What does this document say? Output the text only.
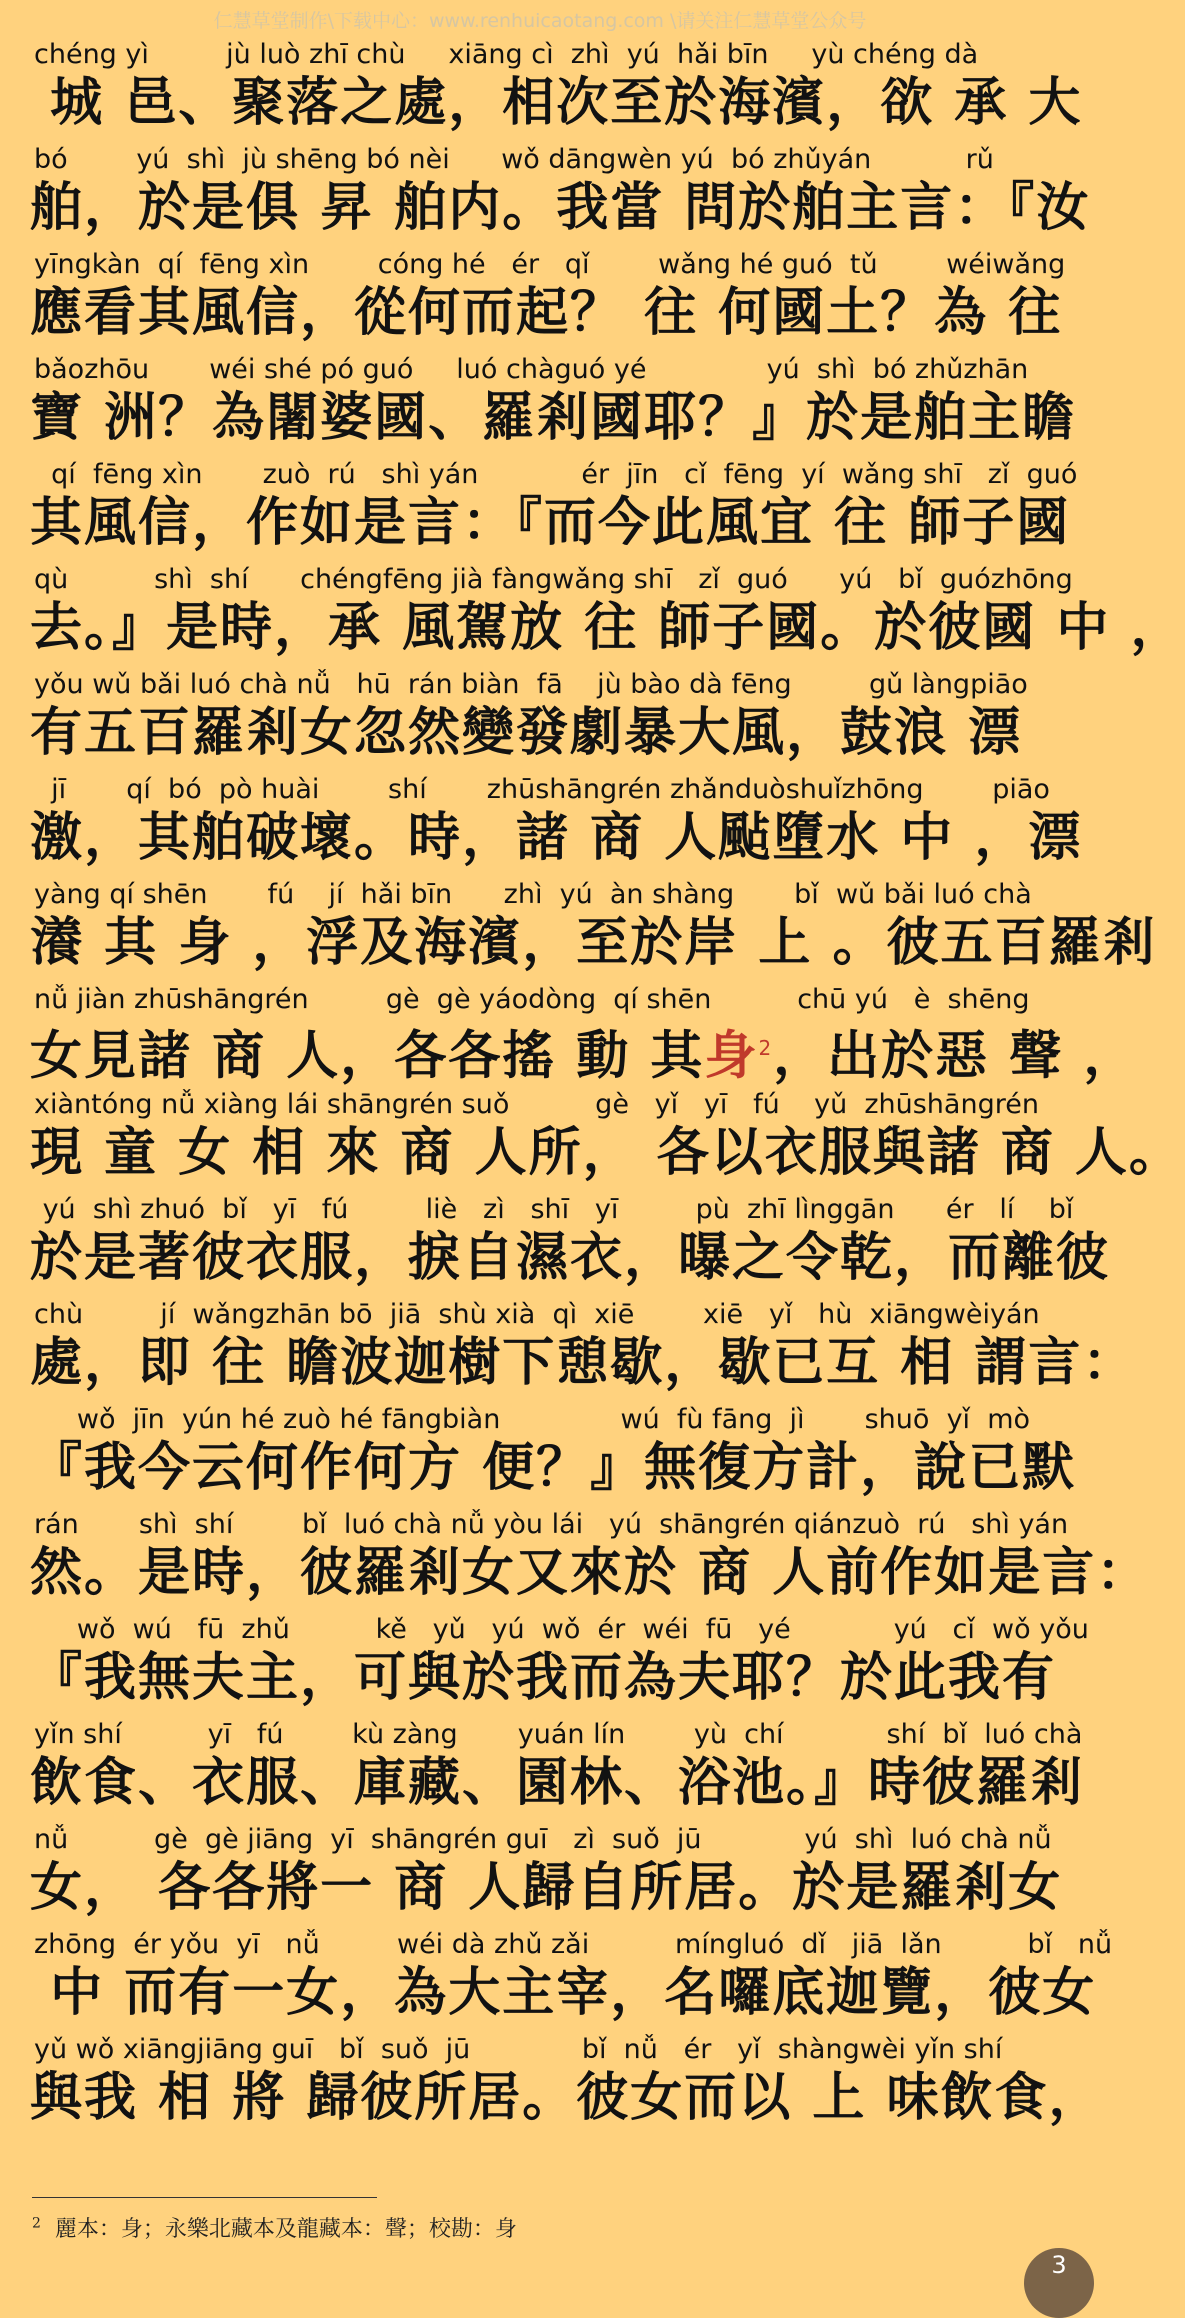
仁慧草堂制作\下载中心：www.renhuicaotang.com \请关注仁慧草堂公众号
chéng yì         jù luò zhī chù     xiāng cì  zhì  yú  hǎi bīn     yù chéng dà
城 邑、聚落之處，相次至於海濱，欲 承 大
bó        yú  shì  jù shēng bó nèi      wǒ dāngwèn yú  bó zhǔyán           rǔ
舶，於是俱 昇 舶内。我當 問於舶主言：『汝
yīngkàn  qí  fēng xìn        cóng hé   ér   qǐ        wǎng hé guó  tǔ        wéiwǎng
應看其風信，從何而起？ 往 何國土？為 往
bǎozhōu       wéi shé pó guó     luó chàguó yé              yú  shì  bó zhǔzhān
寶 洲？為闍婆國、羅剎國耶？』於是舶主瞻
qí  fēng xìn       zuò  rú   shì yán            ér  jīn   cǐ  fēng  yí  wǎng shī   zǐ  guó
其風信，作如是言：『而今此風宜 往 師子國
qù          shì  shí      chéngfēng jià fàngwǎng shī   zǐ  guó      yú   bǐ  guózhōng
去。』是時，承 風駕放 往 師子國。於彼國 中 ，
yǒu wǔ bǎi luó chà nǚ   hū  rán biàn  fā    jù bào dà fēng         gǔ làngpiāo
有五百羅剎女忽然變發劇暴大風，鼓浪 漂
jī       qí  bó  pò huài        shí       zhūshāngrén zhǎnduòshuǐzhōng        piāo
激，其舶破壞。時，諸 商 人颭墮水 中 ，漂
yàng qí shēn       fú    jí  hǎi bīn      zhì  yú  àn shàng       bǐ  wǔ bǎi luó chà
瀁 其 身 ，浮及海濱，至於岸 上 。彼五百羅剎
nǚ jiàn zhūshāngrén         gè  gè yáodòng  qí shēn          chū yú   è  shēng
女見諸 商 人，各各搖 動 其身$^2$，出於惡 聲 ，
xiàntóng nǚ xiàng lái shāngrén suǒ          gè   yǐ   yī   fú    yǔ  zhūshāngrén
現 童 女 相 來 商 人所， 各以衣服與諸 商 人。
yú  shì zhuó  bǐ   yī   fú         liè   zì   shī   yī         pù  zhī lìnggān      ér   lí    bǐ
於是著彼衣服，捩自濕衣，曝之令乾，而離彼
chù         jí  wǎngzhān bō  jiā  shù xià  qì  xiē        xiē   yǐ   hù  xiāngwèiyán
處，即 往 瞻波迦樹下憩歇，歇已互 相 謂言：
wǒ  jīn  yún hé zuò hé fāngbiàn              wú  fù fāng  jì       shuō  yǐ  mò
『我今云何作何方 便？』無復方計，說已默
rán       shì  shí        bǐ  luó chà nǚ yòu lái   yú  shāngrén qiánzuò  rú   shì yán
然。是時，彼羅剎女又來於 商 人前作如是言：
wǒ  wú   fū  zhǔ          kě   yǔ   yú  wǒ  ér  wéi  fū   yé            yú   cǐ  wǒ yǒu
『我無夫主，可與於我而為夫耶？於此我有
yǐn shí          yī   fú        kù zàng       yuán lín        yù  chí            shí  bǐ  luó chà
飲食、衣服、庫藏、園林、浴池。』時彼羅剎
nǚ          gè  gè jiāng  yī  shāngrén guī   zì  suǒ  jū            yú  shì  luó chà nǚ
女， 各各將一 商 人歸自所居。於是羅剎女
zhōng  ér yǒu  yī   nǚ         wéi dà zhǔ zǎi          míngluó  dǐ   jiā  lǎn          bǐ   nǚ
中 而有一女，為大主宰，名囉底迦覽，彼女
yǔ wǒ xiāngjiāng guī   bǐ  suǒ  jū             bǐ  nǚ   ér   yǐ  shàngwèi yǐn shí
與我 相 將 歸彼所居。彼女而以 上 味飲食，
$^2$ 麗本：身；永樂北藏本及龍藏本：聲；校勘：身
3
